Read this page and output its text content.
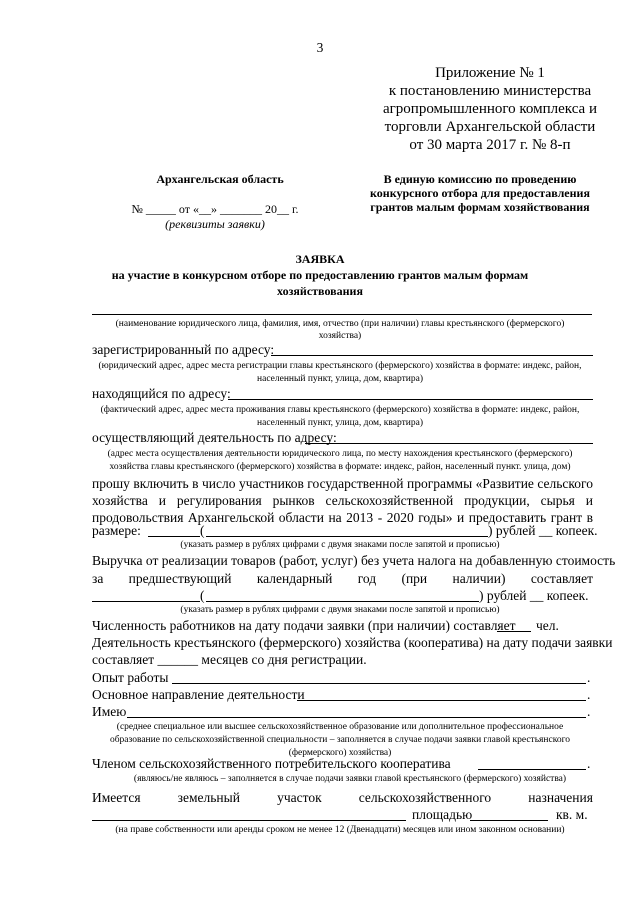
3
Приложение № 1
к постановлению министерства
агропромышленного комплекса и
торговли Архангельской области
от 30 марта 2017 г. № 8-п
Архангельская область
№ _____ от «__» _______ 20__ г.
(реквизиты заявки)
В единую комиссию по проведению
конкурсного отбора для предоставления
грантов малым формам хозяйствования
ЗАЯВКА
на участие в конкурсном отборе по предоставлению грантов малым формам
хозяйствования
(наименование юридического лица, фамилия, имя, отчество (при наличии) главы крестьянского (фермерского)
хозяйства)
зарегистрированный по адресу:
(юридический адрес, адрес места регистрации главы крестьянского (фермерского) хозяйства в формате: индекс, район,
населенный пункт, улица, дом, квартира)
находящийся по адресу:
(фактический адрес, адрес места проживания главы крестьянского (фермерского) хозяйства в формате: индекс, район,
населенный пункт, улица, дом, квартира)
осуществляющий деятельность по адресу:
(адрес места осуществления деятельности юридического лица, по месту нахождения крестьянского (фермерского)
хозяйства главы крестьянского (фермерского) хозяйства в формате: индекс, район, населенный пункт. улица, дом)
прошу включить в число участников государственной программы «Развитие сельского
хозяйства и регулирования рынков сельскохозяйственной продукции, сырья и
продовольствия Архангельской области на 2013 - 2020 годы» и предоставить грант в
размере:	(	) рублей __ копеек.
(указать размер в рублях цифрами с двумя знаками после запятой и прописью)
Выручка от реализации товаров (работ, услуг) без учета налога на добавленную стоимость
за предшествующий календарный год (при наличии) составляет
(	) рублей __ копеек.
(указать размер в рублях цифрами с двумя знаками после запятой и прописью)
Численность работников на дату подачи заявки (при наличии) составляет чел.
Деятельность крестьянского (фермерского) хозяйства (кооператива) на дату подачи заявки
составляет ______ месяцев со дня регистрации.
Опыт работы	.
Основное направление деятельности	.
Имею	.
(среднее специальное или высшее сельскохозяйственное образование или дополнительное профессиональное
образование по сельскохозяйственной специальности – заполняется в случае подачи заявки главой крестьянского
(фермерского) хозяйства)
Членом сельскохозяйственного потребительского кооператива	.
(являюсь/не являюсь – заполняется в случае подачи заявки главой крестьянского (фермерского) хозяйства)
Имеется	земельный	участок	сельскохозяйственного	назначения
площадью	кв. м.
(на праве собственности или аренды сроком не менее 12 (Двенадцати) месяцев или ином законном основании)
